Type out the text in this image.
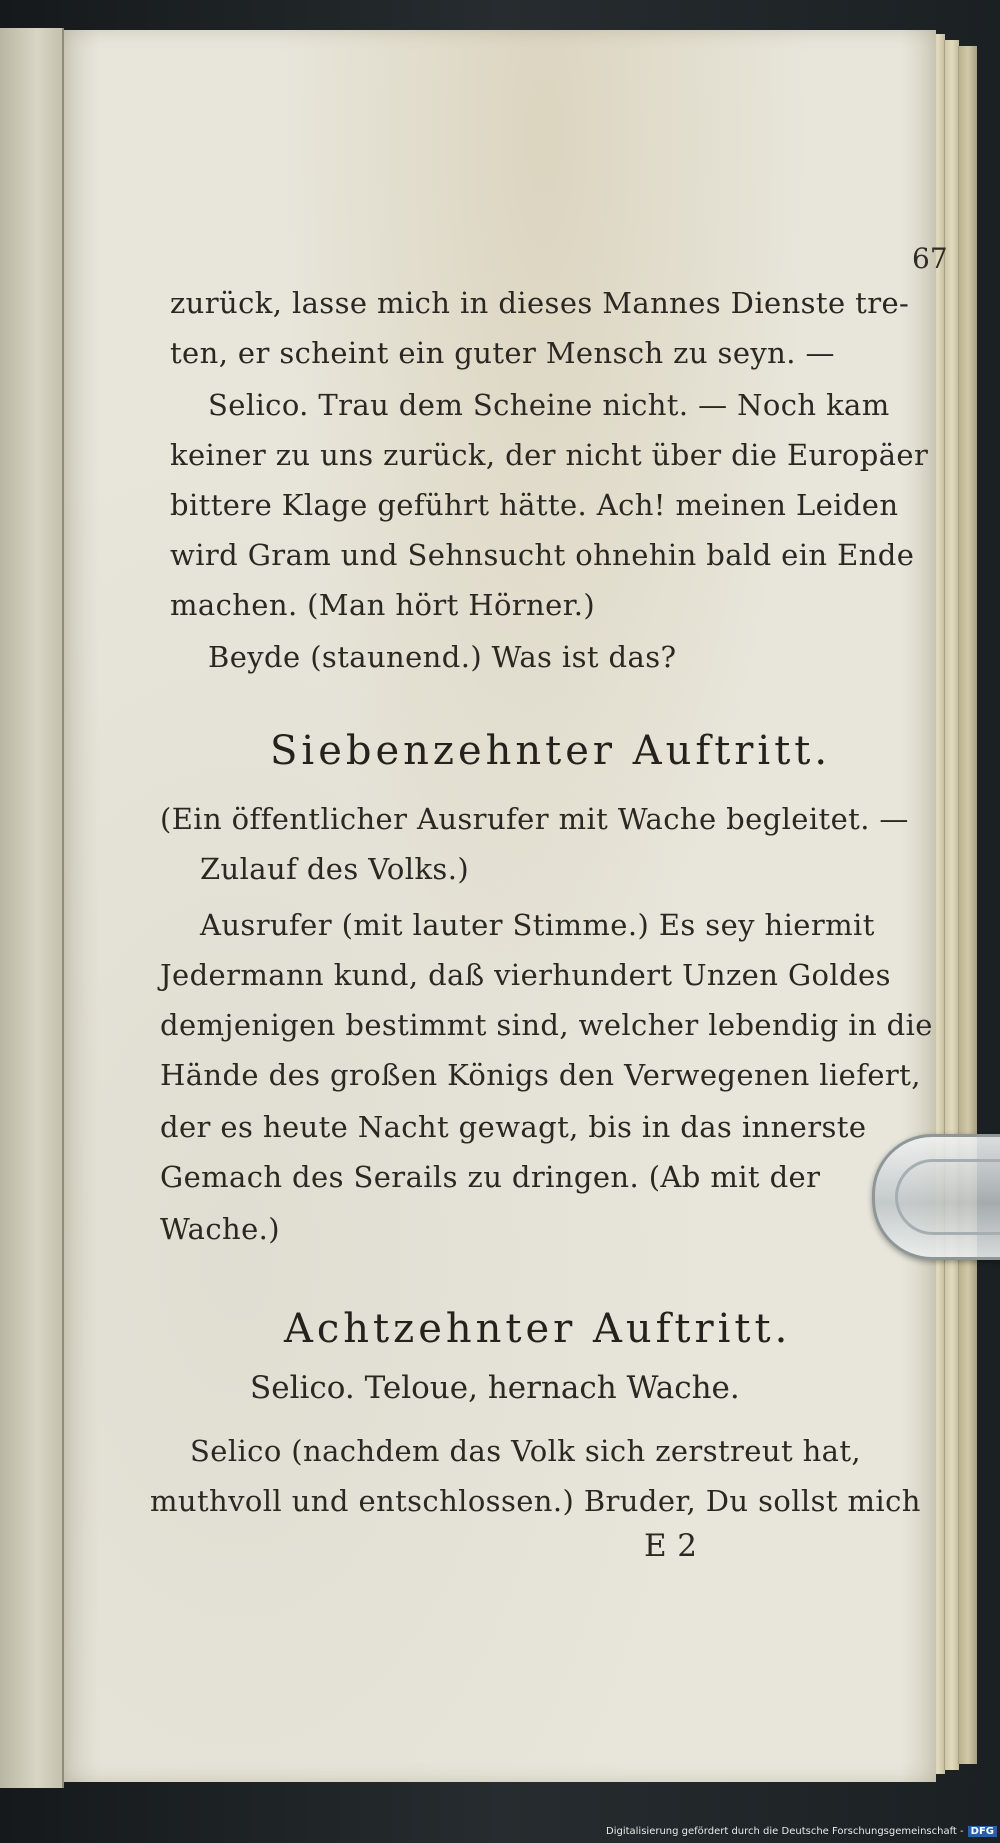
67
zurück, lasse mich in dieses Mannes Dienste tre-
ten, er scheint ein guter Mensch zu seyn. —
Selico. Trau dem Scheine nicht. — Noch kam
keiner zu uns zurück, der nicht über die Europäer
bittere Klage geführt hätte. Ach! meinen Leiden
wird Gram und Sehnsucht ohnehin bald ein Ende
machen. (Man hört Hörner.)
Beyde (staunend.) Was ist das?
Siebenzehnter Auftritt.
(Ein öffentlicher Ausrufer mit Wache begleitet. —
Zulauf des Volks.)
Ausrufer (mit lauter Stimme.) Es sey hiermit
Jedermann kund, daß vierhundert Unzen Goldes
demjenigen bestimmt sind, welcher lebendig in die
Hände des großen Königs den Verwegenen liefert,
der es heute Nacht gewagt, bis in das innerste
Gemach des Serails zu dringen. (Ab mit der
Wache.)
Achtzehnter Auftritt.
Selico. Teloue, hernach Wache.
Selico (nachdem das Volk sich zerstreut hat,
muthvoll und entschlossen.) Bruder, Du sollst mich
E 2
Digitalisierung gefördert durch die Deutsche Forschungsgemeinschaft - DFG
